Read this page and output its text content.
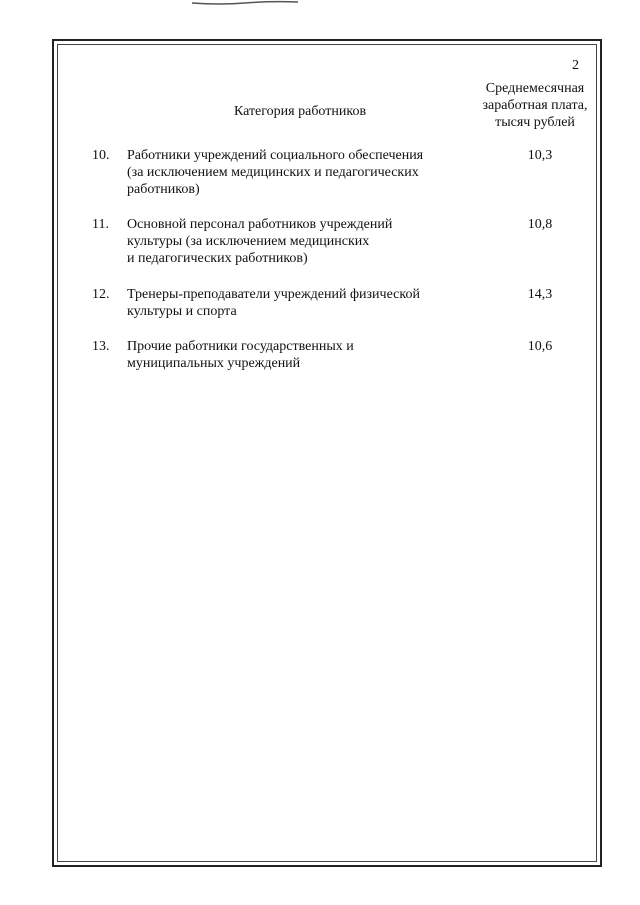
2
Категория работников
Среднемесячная
заработная плата,
тысяч рублей
10. Работники учреждений социального обеспечения
(за исключением медицинских и педагогических
работников)
10,3
11. Основной персонал работников учреждений
культуры (за исключением медицинских
и педагогических работников)
10,8
12. Тренеры-преподаватели учреждений физической
культуры и спорта
14,3
13. Прочие работники государственных и
муниципальных учреждений
10,6
